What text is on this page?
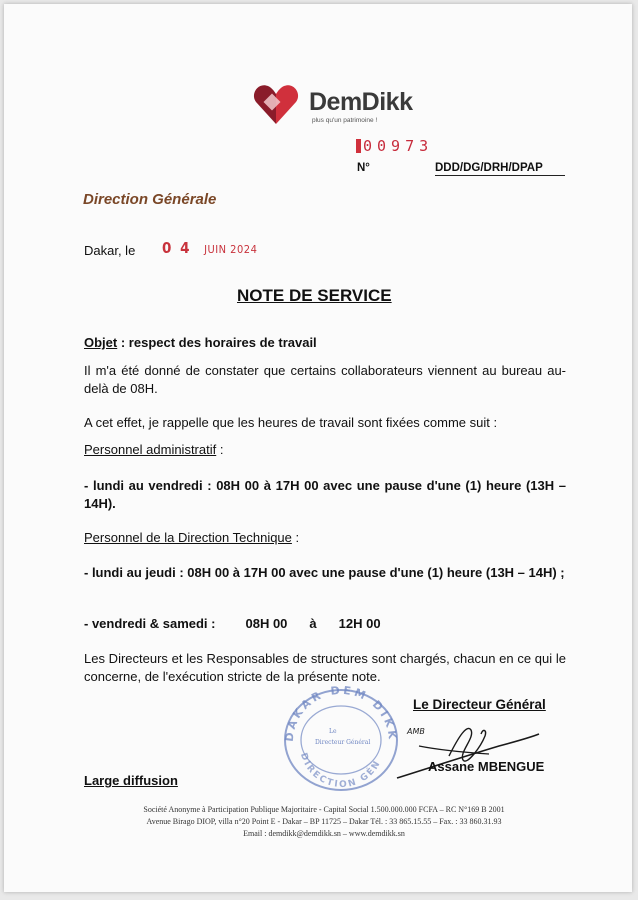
DemDikk
plus qu'un patrimoine !
00973
N°	DDD/DG/DRH/DPAP
Direction Générale
Dakar, le 0 4 JUIN 2024
NOTE DE SERVICE
Objet : respect des horaires de travail
Il m'a été donné de constater que certains collaborateurs viennent au bureau au-delà de 08H.
A cet effet, je rappelle que les heures de travail sont fixées comme suit :
Personnel administratif :
- lundi au vendredi : 08H 00 à 17H 00 avec une pause d'une (1) heure (13H – 14H).
Personnel de la Direction Technique :
- lundi au jeudi : 08H 00 à 17H 00 avec une pause d'une (1) heure (13H – 14H) ;
- vendredi & samedi : 08H 00 à 12H 00
Les Directeurs et les Responsables de structures sont chargés, chacun en ce qui le concerne, de l'exécution stricte de la présente note.
DAKAR DEM DIKK
DIRECTION GÉN
Le
Directeur Général
Le Directeur Général
AMB
Assane MBENGUE
Large diffusion
Société Anonyme à Participation Publique Majoritaire - Capital Social 1.500.000.000 FCFA – RC N°169 B 2001
Avenue Birago DIOP, villa n°20 Point E - Dakar – BP 11725 – Dakar Tél. : 33 865.15.55 – Fax. : 33 860.31.93
Email : demdikk@demdikk.sn – www.demdikk.sn
